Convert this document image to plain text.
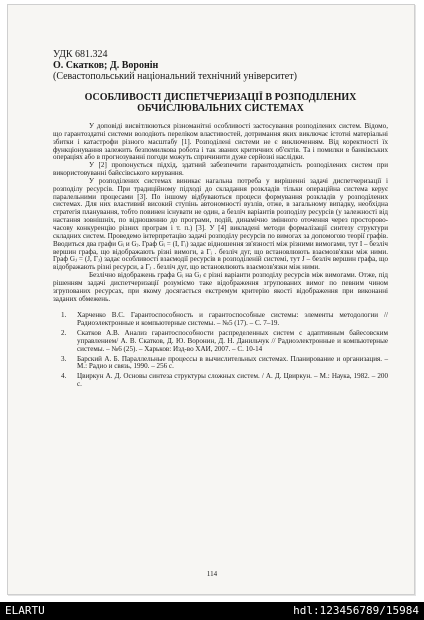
УДК 681.324
О. Скатков; Д. Воронін
(Севастопольський національний технічний університет)
ОСОБЛИВОСТІ ДИСПЕТЧЕРИЗАЦІЇ В РОЗПОДІЛЕНИХ ОБЧИСЛЮВАЛЬНИХ СИСТЕМАХ

У доповіді висвітлюються різноманітні особливості застосування розподілених систем. Відомо, що гарантоздатні системи володіють переліком властивостей, дотримання яких виключає істотні матеріальні збитки і катастрофи різного масштабу [1]. Розподілені системи не є виключенням. Від коректності їх функціонування залежить безпомилкова робота і так званих критичних об'єктів. Та і помилки в банківських операціях або в прогнозуванні погоди можуть спричинити дуже серйозні наслідки.

У [2] пропонується підхід, здатний забезпечити гарантоздатність розподілених систем при використовуванні байєсівського керування.

У розподілених системах виникає нагальна потреба у вирішенні задачі диспетчеризації і розподілу ресурсів. При традиційному підході до складання розкладів тільки операційна система керує паралельними процесами [3]. По іншому відбуваються процеси формування розкладів у розподілених системах. Для них властивий високий ступінь автономності вузлів, отже, в загальному випадку, необхідна стратегія планування, тобто повинен існувати не один, а безліч варіантів розподілу ресурсів (у залежності від настання зовнішніх, по відношенню до програми, подій, динамічно змінного оточення через просторово-часову конкуренцію різних програм і т. п.) [3]. У [4] викладені методи формалізації синтезу структури складних систем. Проведемо інтерпретацію задачі розподілу ресурсів по вимогах за допомогою теорії графів. Вводиться два графи Gᵢ и Gⱼ. Граф Gᵢ = (I, Гᵢ) задає відношення зв'язності між різними вимогами, тут I – безліч вершин графа, що відображають різні вимоги, а Гᵢ . безліч дуг, що встановлюють взаємозв'язки між ними. Граф Gⱼ = (J, Гⱼ) задає особливості взаємодії ресурсів в розподіленій системі, тут J – безліч вершин графа, що відображають різні ресурси, а Гⱼ . безліч дуг, що встановлюють взаємозв'язки між ними.

Безлічно відображень графа Gᵢ на Gⱼ є різні варіанти розподілу ресурсів між вимогами. Отже, під рішенням задачі диспетчеризації розуміємо таке відображення згрупованих вимог по певним чином згрупованих ресурсах, при якому досягається екстремум критерію якості відображення при виконанні заданих обмежень.

1. Харченко В.С. Гарантоспособность и гарантоспособные системы: элементы методологии // Радиоэлектронные и компьютерные системы. – №5 (17). – С. 7–19.
2. Скатков А.В. Анализ гарантоспособности распределенных систем с адаптивным байесовским управлением/ А. В. Скатков, Д. Ю. Воронин, Д. Н. Данильчук // Радиоэлектронные и компьютерные системы. – №6 (25). – Харьков: Изд-во ХАИ, 2007. – С. 10-14
3. Барский А. Б. Параллельные процессы в вычислительных системах. Планирование и организация. – М.: Радио и связь, 1990. – 256 с.
4. Цвиркун А. Д. Основы синтеза структуры сложных систем. / А. Д. Цвиркун. – М.: Наука, 1982. – 200 с.
114
ELARTU	hdl:123456789/15984
